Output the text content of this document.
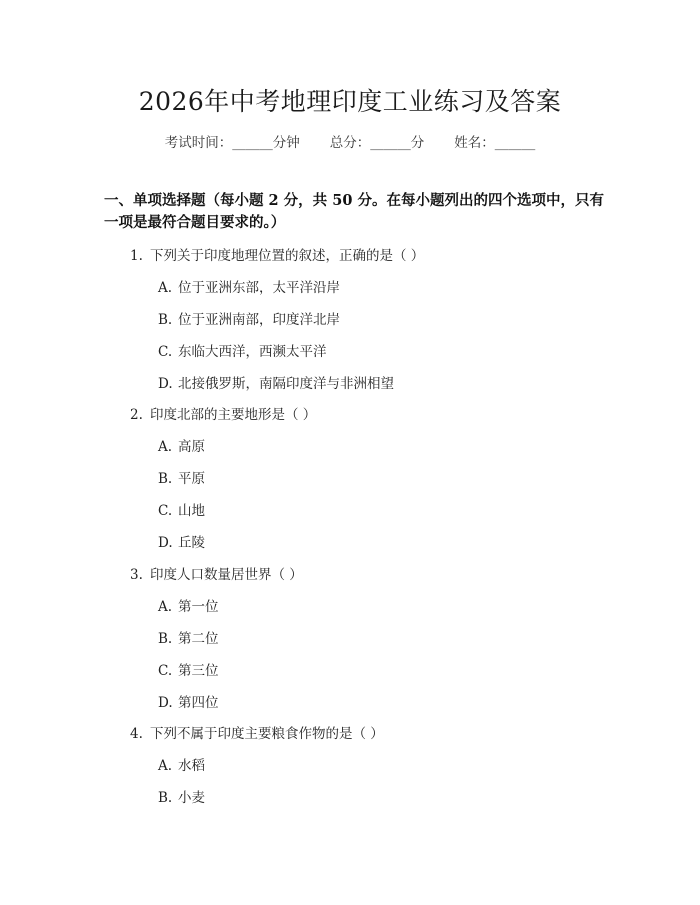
2026年中考地理印度工业练习及答案
考试时间：______分钟 总分：______分 姓名：______
一、单项选择题（每小题 2 分，共 50 分。在每小题列出的四个选项中，只有一项是最符合题目要求的。）
1. 下列关于印度地理位置的叙述，正确的是（ ）
A. 位于亚洲东部，太平洋沿岸
B. 位于亚洲南部，印度洋北岸
C. 东临大西洋，西濒太平洋
D. 北接俄罗斯，南隔印度洋与非洲相望
2. 印度北部的主要地形是（ ）
A. 高原
B. 平原
C. 山地
D. 丘陵
3. 印度人口数量居世界（ ）
A. 第一位
B. 第二位
C. 第三位
D. 第四位
4. 下列不属于印度主要粮食作物的是（ ）
A. 水稻
B. 小麦
